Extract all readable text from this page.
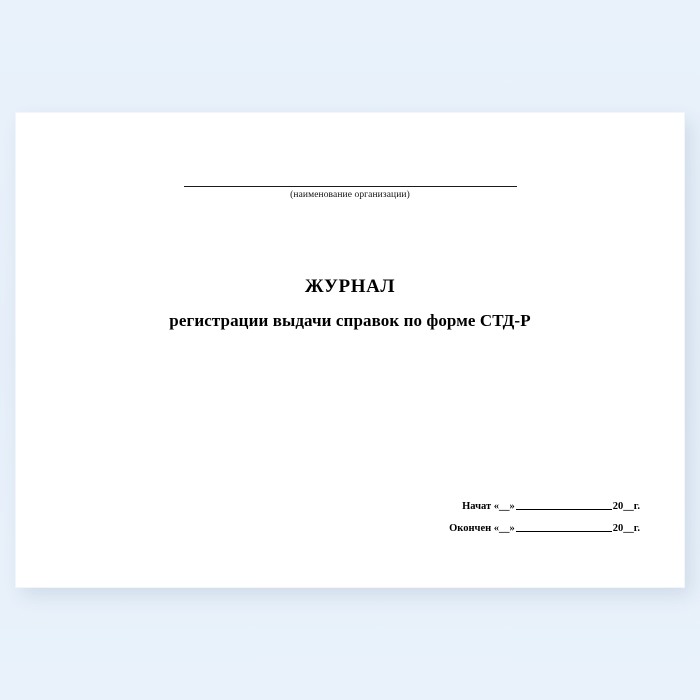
(наименование организации)
ЖУРНАЛ
регистрации выдачи справок по форме СТД-Р
Начат «__»	20__г.
Окончен «__»	20__г.
